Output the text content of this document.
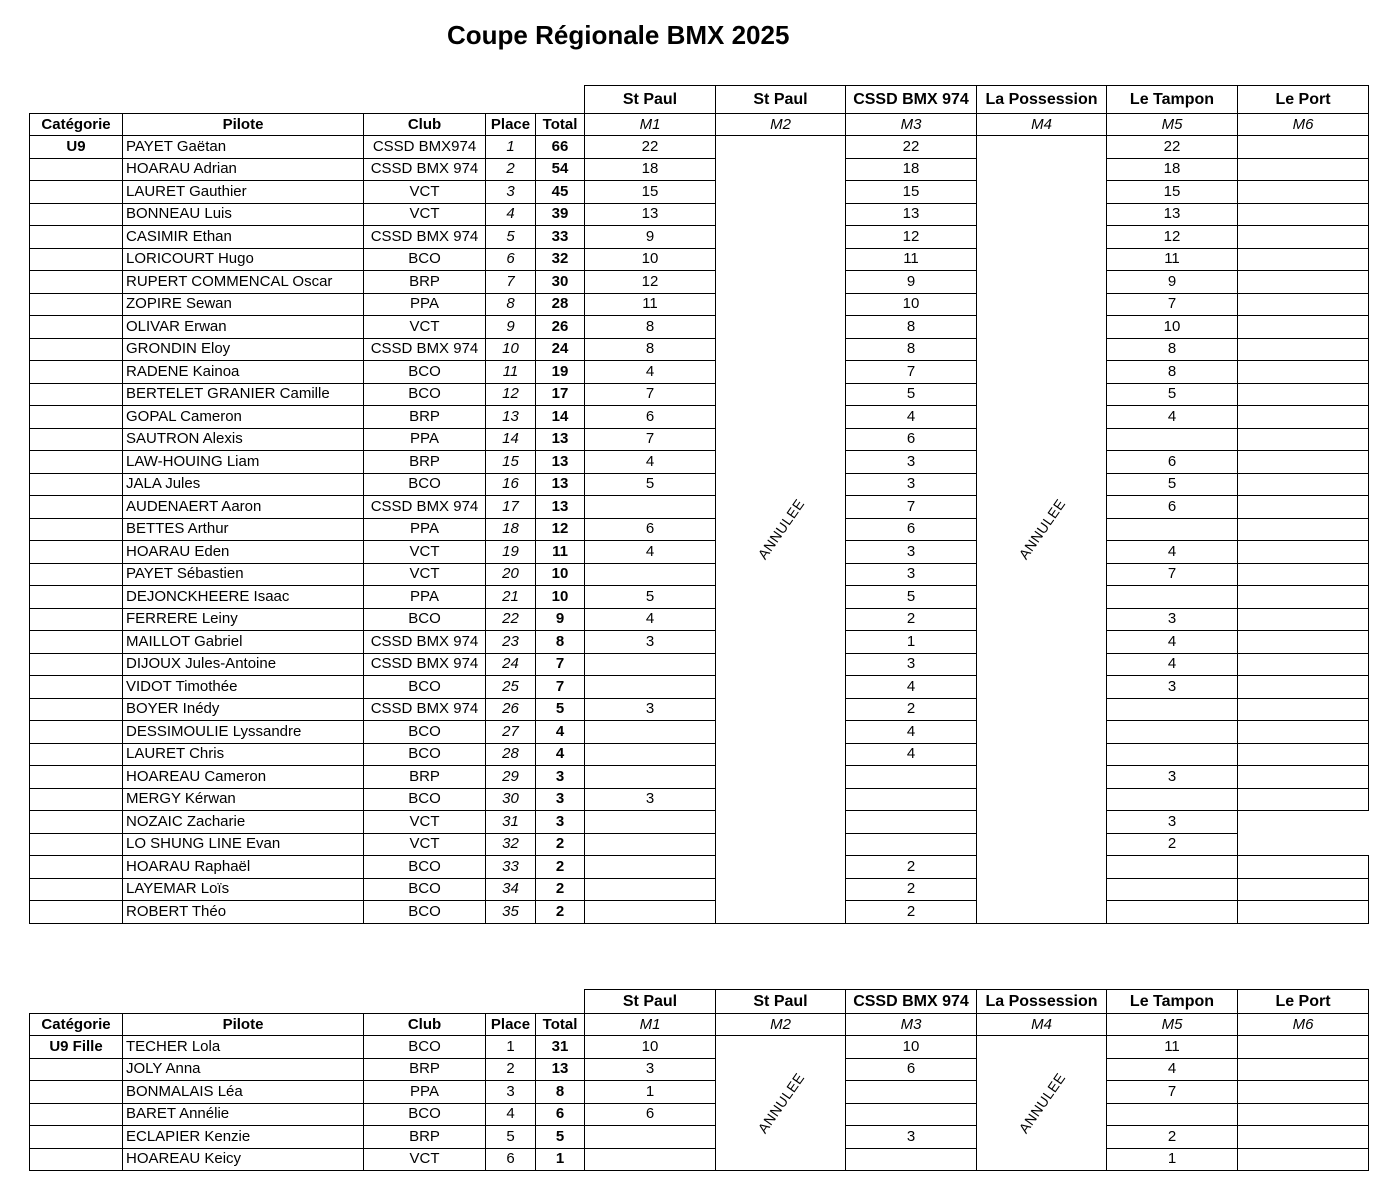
Coupe Régionale BMX 2025
					St Paul	St Paul	CSSD BMX 974	La Possession	Le Tampon	Le Port
Catégorie	Pilote	Club	Place	Total	M1	M2	M3	M4	M5	M6
U9	PAYET Gaëtan	CSSD BMX974	1	66	22	ANNULEE	22	ANNULEE	22	
	HOARAU Adrian	CSSD BMX 974	2	54	18		18		18	
	LAURET Gauthier	VCT	3	45	15		15		15	
	BONNEAU Luis	VCT	4	39	13		13		13	
	CASIMIR Ethan	CSSD BMX 974	5	33	9		12		12	
	LORICOURT Hugo	BCO	6	32	10		11		11	
	RUPERT COMMENCAL Oscar	BRP	7	30	12		9		9	
	ZOPIRE Sewan	PPA	8	28	11		10		7	
	OLIVAR Erwan	VCT	9	26	8		8		10	
	GRONDIN Eloy	CSSD BMX 974	10	24	8		8		8	
	RADENE Kainoa	BCO	11	19	4		7		8	
	BERTELET GRANIER Camille	BCO	12	17	7		5		5	
	GOPAL Cameron	BRP	13	14	6		4		4	
	SAUTRON Alexis	PPA	14	13	7		6			
	LAW-HOUING Liam	BRP	15	13	4		3		6	
	JALA Jules	BCO	16	13	5		3		5	
	AUDENAERT Aaron	CSSD BMX 974	17	13			7		6	
	BETTES Arthur	PPA	18	12	6		6			
	HOARAU Eden	VCT	19	11	4		3		4	
	PAYET Sébastien	VCT	20	10			3		7	
	DEJONCKHEERE Isaac	PPA	21	10	5		5			
	FERRERE Leiny	BCO	22	9	4		2		3	
	MAILLOT Gabriel	CSSD BMX 974	23	8	3		1		4	
	DIJOUX Jules-Antoine	CSSD BMX 974	24	7			3		4	
	VIDOT Timothée	BCO	25	7			4		3	
	BOYER Inédy	CSSD BMX 974	26	5	3		2			
	DESSIMOULIE Lyssandre	BCO	27	4			4			
	LAURET Chris	BCO	28	4			4			
	HOAREAU Cameron	BRP	29	3					3	
	MERGY Kérwan	BCO	30	3	3					
	NOZAIC Zacharie	VCT	31	3					3	
	LO SHUNG LINE Evan	VCT	32	2					2	
	HOARAU Raphaël	BCO	33	2			2			
	LAYEMAR Loïs	BCO	34	2			2			
	ROBERT Théo	BCO	35	2			2			
					St Paul	St Paul	CSSD BMX 974	La Possession	Le Tampon	Le Port
Catégorie	Pilote	Club	Place	Total	M1	M2	M3	M4	M5	M6
U9 Fille	TECHER Lola	BCO	1	31	10	ANNULEE	10	ANNULEE	11	
	JOLY Anna	BRP	2	13	3		6		4	
	BONMALAIS Léa	PPA	3	8	1				7	
	BARET Annélie	BCO	4	6	6					
	ECLAPIER Kenzie	BRP	5	5			3		2	
	HOAREAU Keicy	VCT	6	1					1	
